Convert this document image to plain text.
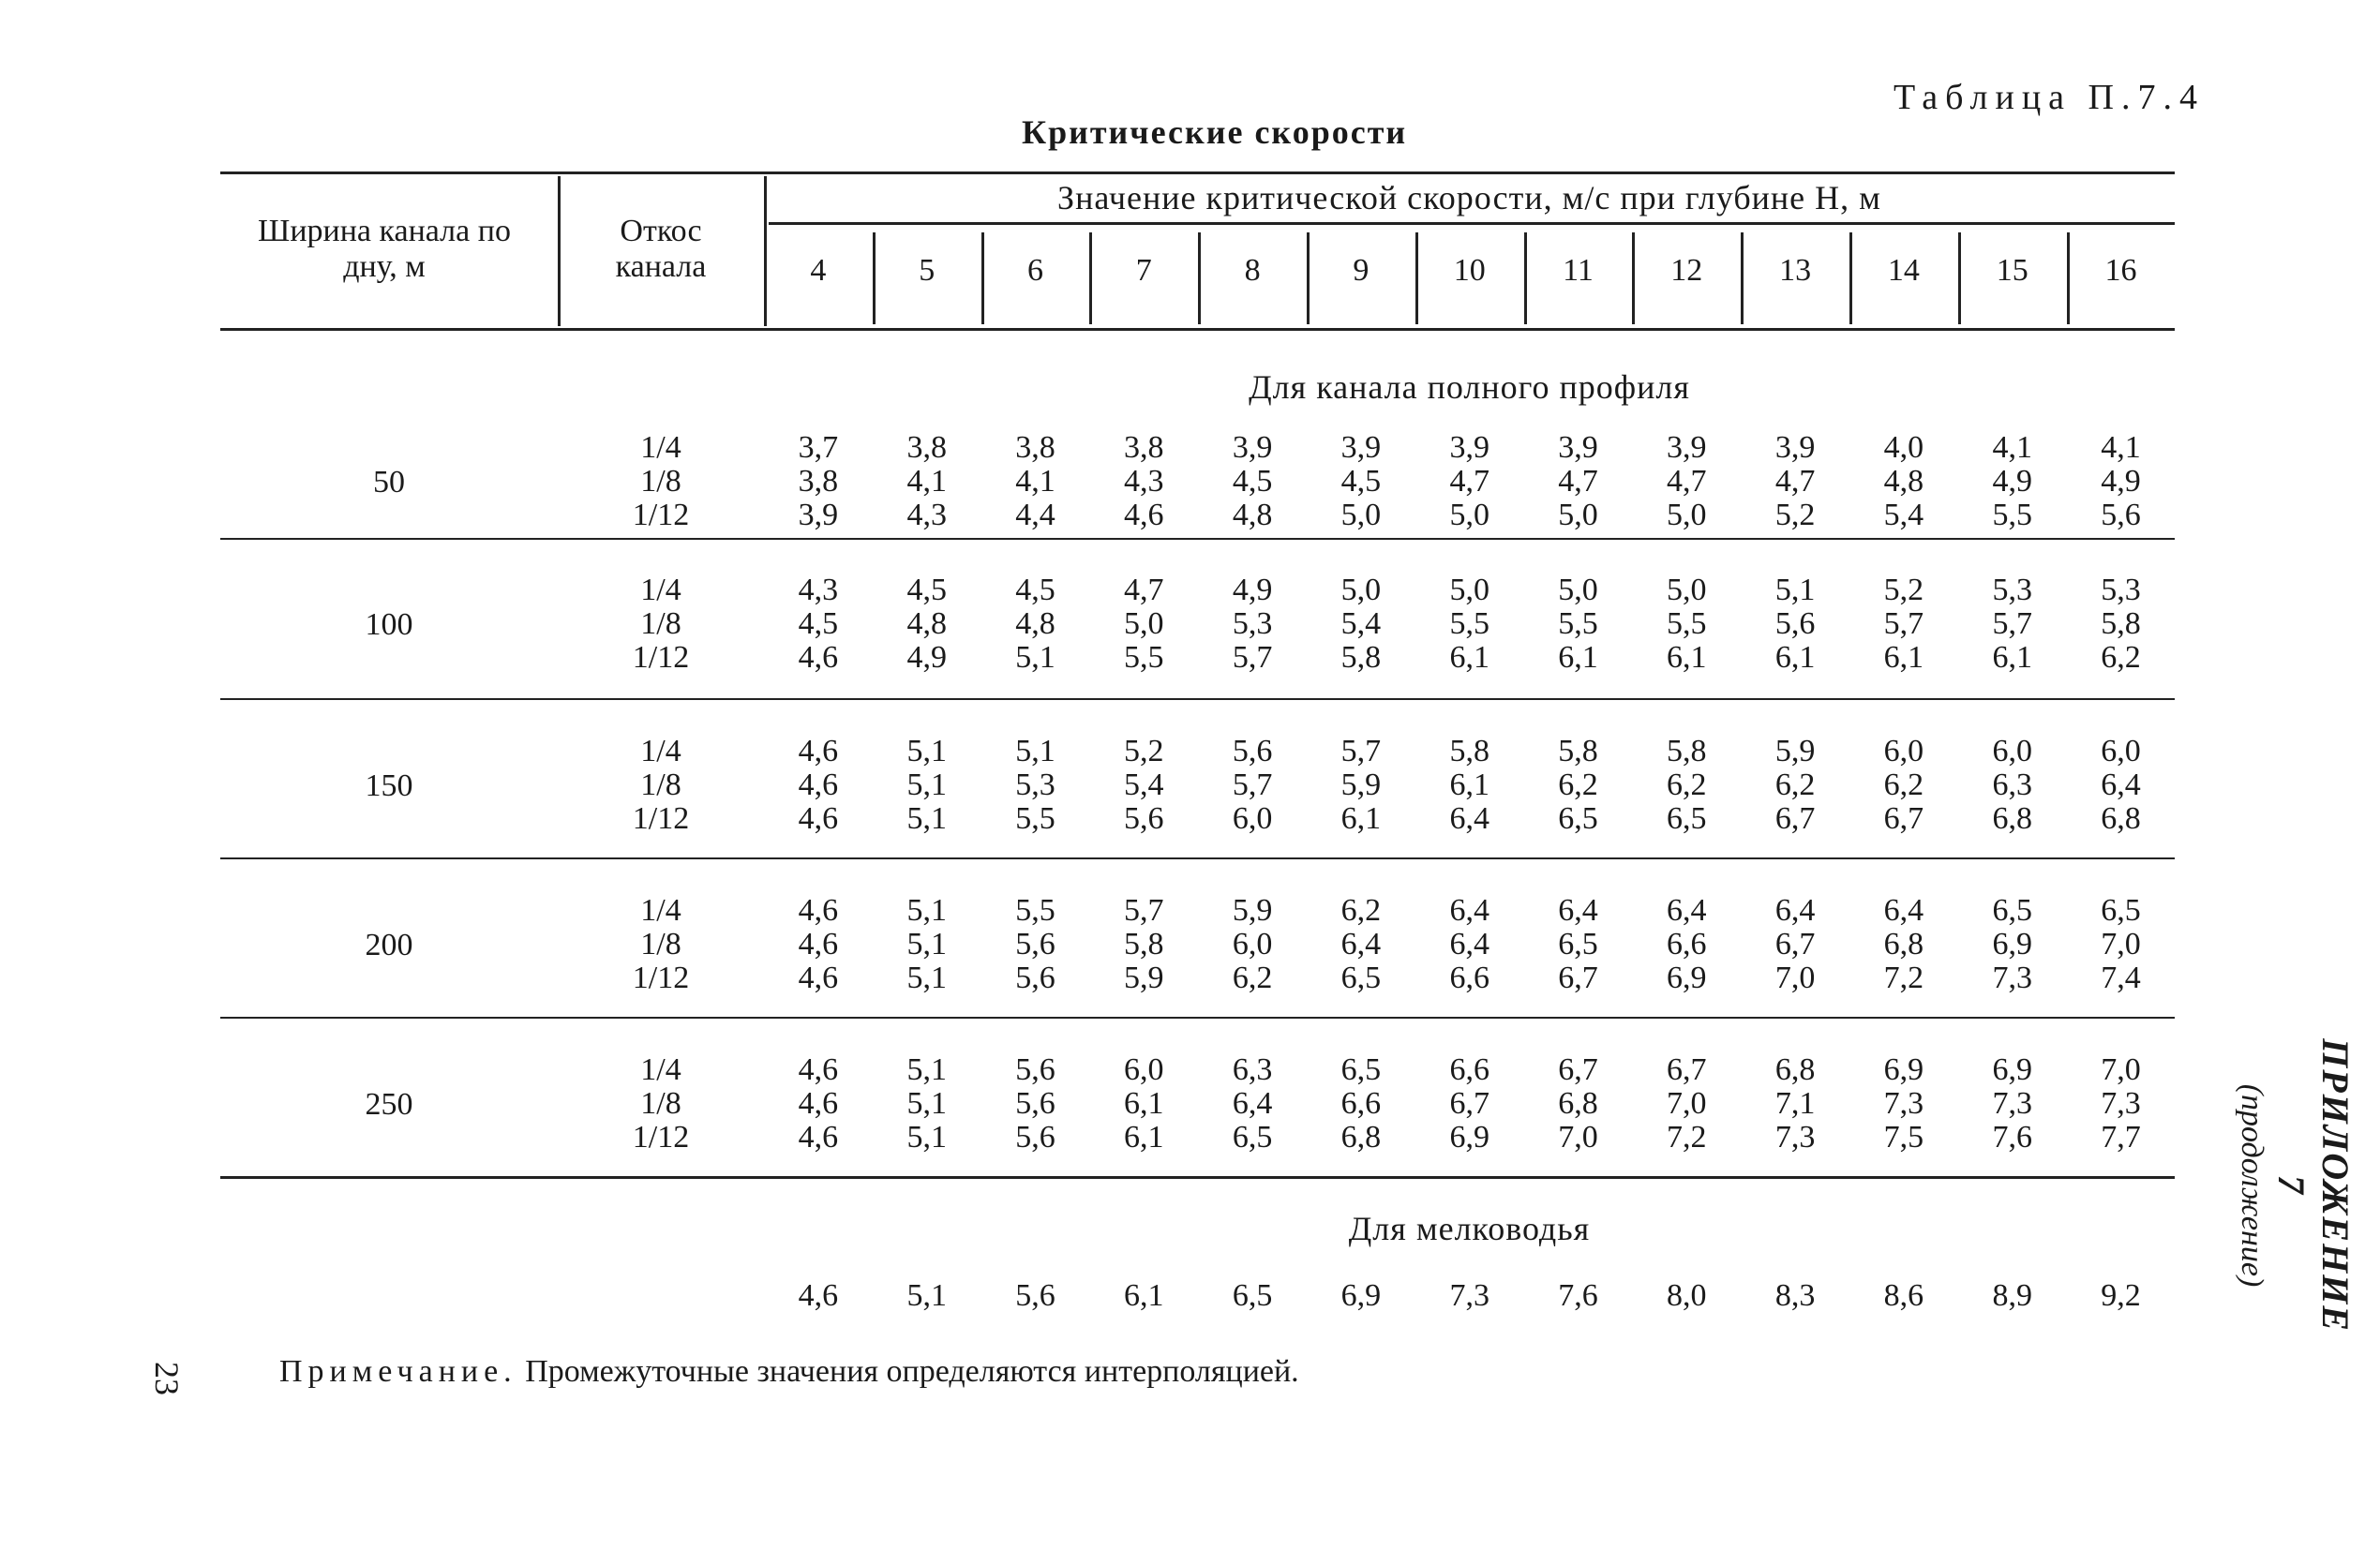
Таблица П.7.4
Критические скорости
Ширина канала по дну, м
Откос канала
Значение критической скорости, м/с при глубине H, м
4	5	6	7	8	9	10	11	12	13	14	15	16
Для канала полного профиля
50
1/4	3,7	3,8	3,8	3,8	3,9	3,9	3,9	3,9	3,9	3,9	4,0	4,1	4,1
1/8	3,8	4,1	4,1	4,3	4,5	4,5	4,7	4,7	4,7	4,7	4,8	4,9	4,9
1/12	3,9	4,3	4,4	4,6	4,8	5,0	5,0	5,0	5,0	5,2	5,4	5,5	5,6
100
1/4	4,3	4,5	4,5	4,7	4,9	5,0	5,0	5,0	5,0	5,1	5,2	5,3	5,3
1/8	4,5	4,8	4,8	5,0	5,3	5,4	5,5	5,5	5,5	5,6	5,7	5,7	5,8
1/12	4,6	4,9	5,1	5,5	5,7	5,8	6,1	6,1	6,1	6,1	6,1	6,1	6,2
150
1/4	4,6	5,1	5,1	5,2	5,6	5,7	5,8	5,8	5,8	5,9	6,0	6,0	6,0
1/8	4,6	5,1	5,3	5,4	5,7	5,9	6,1	6,2	6,2	6,2	6,2	6,3	6,4
1/12	4,6	5,1	5,5	5,6	6,0	6,1	6,4	6,5	6,5	6,7	6,7	6,8	6,8
200
1/4	4,6	5,1	5,5	5,7	5,9	6,2	6,4	6,4	6,4	6,4	6,4	6,5	6,5
1/8	4,6	5,1	5,6	5,8	6,0	6,4	6,4	6,5	6,6	6,7	6,8	6,9	7,0
1/12	4,6	5,1	5,6	5,9	6,2	6,5	6,6	6,7	6,9	7,0	7,2	7,3	7,4
250
1/4	4,6	5,1	5,6	6,0	6,3	6,5	6,6	6,7	6,7	6,8	6,9	6,9	7,0
1/8	4,6	5,1	5,6	6,1	6,4	6,6	6,7	6,8	7,0	7,1	7,3	7,3	7,3
1/12	4,6	5,1	5,6	6,1	6,5	6,8	6,9	7,0	7,2	7,3	7,5	7,6	7,7
Для мелководья
4,6	5,1	5,6	6,1	6,5	6,9	7,3	7,6	8,0	8,3	8,6	8,9	9,2
Примечание. Промежуточные значения определяются интерполяцией.
23
ПРИЛОЖЕНИЕ 7
(продолжение)
